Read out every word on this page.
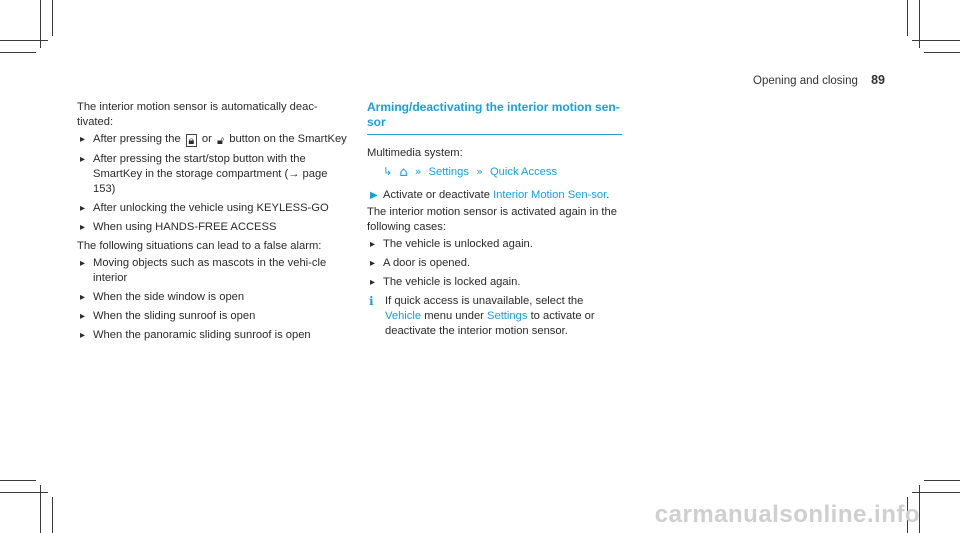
Opening and closing 89

The interior motion sensor is automatically deac-tivated:

▸ After pressing the 🔒︎ or 🔓︎ button on the SmartKey
▸ After pressing the start/stop button with the SmartKey in the storage compartment (→ page 153)
▸ After unlocking the vehicle using KEYLESS-GO
▸ When using HANDS-FREE ACCESS

The following situations can lead to a false alarm:

▸ Moving objects such as mascots in the vehi-cle interior
▸ When the side window is open
▸ When the sliding sunroof is open
▸ When the panoramic sliding sunroof is open
Arming/deactivating the interior motion sen-sor

Multimedia system:

↳ ⌂ » Settings » Quick Access
▶ Activate or deactivate Interior Motion Sen-sor.

The interior motion sensor is activated again in the following cases:

▸ The vehicle is unlocked again.
▸ A door is opened.
▸ The vehicle is locked again.
ℹ If quick access is unavailable, select the Vehicle menu under Settings to activate or deactivate the interior motion sensor.
carmanualsonline.info
